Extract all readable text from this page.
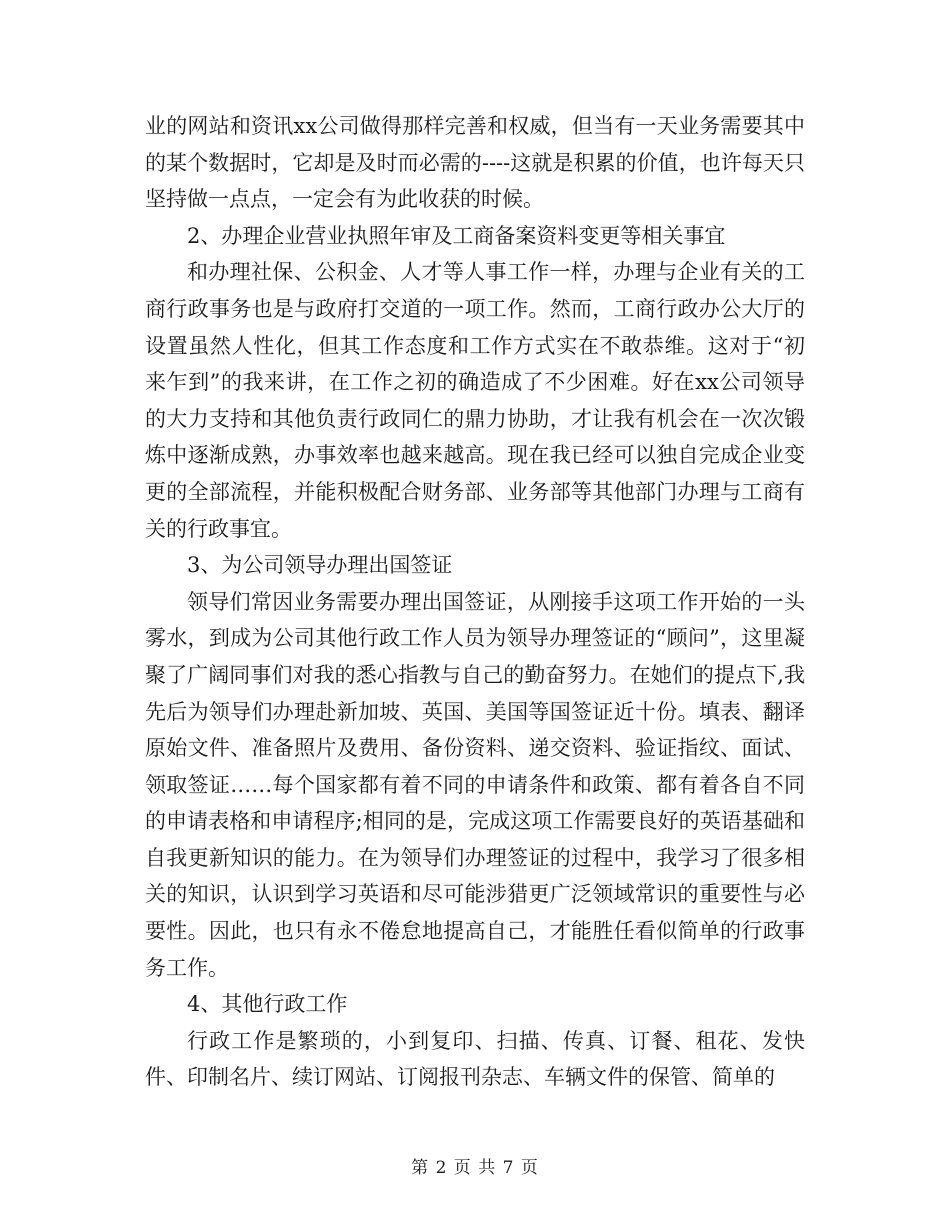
业的网站和资讯xx公司做得那样完善和权威，但当有一天业务需要其中的某个数据时，它却是及时而必需的----这就是积累的价值，也许每天只坚持做一点点，一定会有为此收获的时候。

2、办理企业营业执照年审及工商备案资料变更等相关事宜

和办理社保、公积金、人才等人事工作一样，办理与企业有关的工商行政事务也是与政府打交道的一项工作。然而，工商行政办公大厅的设置虽然人性化，但其工作态度和工作方式实在不敢恭维。这对于“初来乍到”的我来讲，在工作之初的确造成了不少困难。好在xx公司领导的大力支持和其他负责行政同仁的鼎力协助，才让我有机会在一次次锻炼中逐渐成熟，办事效率也越来越高。现在我已经可以独自完成企业变更的全部流程，并能积极配合财务部、业务部等其他部门办理与工商有关的行政事宜。

3、为公司领导办理出国签证

领导们常因业务需要办理出国签证，从刚接手这项工作开始的一头雾水，到成为公司其他行政工作人员为领导办理签证的“顾问”，这里凝聚了广阔同事们对我的悉心指教与自己的勤奋努力。在她们的提点下,我先后为领导们办理赴新加坡、英国、美国等国签证近十份。填表、翻译原始文件、准备照片及费用、备份资料、递交资料、验证指纹、面试、领取签证……每个国家都有着不同的申请条件和政策、都有着各自不同的申请表格和申请程序;相同的是，完成这项工作需要良好的英语基础和自我更新知识的能力。在为领导们办理签证的过程中，我学习了很多相关的知识，认识到学习英语和尽可能涉猎更广泛领域常识的重要性与必要性。因此，也只有永不倦怠地提高自己，才能胜任看似简单的行政事务工作。

4、其他行政工作

行政工作是繁琐的，小到复印、扫描、传真、订餐、租花、发快件、印制名片、续订网站、订阅报刊杂志、车辆文件的保管、简单的

第 2 页 共 7 页
